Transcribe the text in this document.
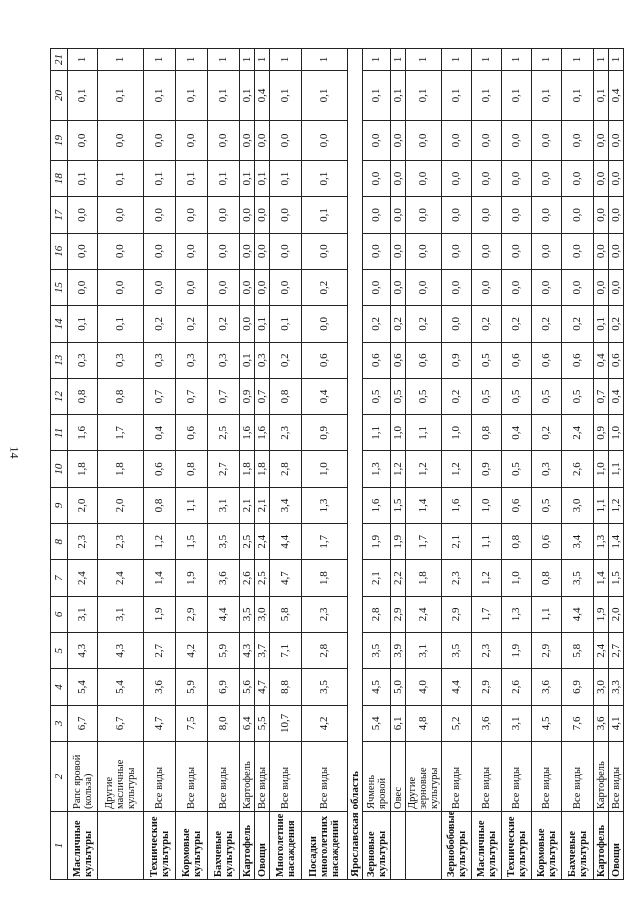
14
1	2	3	4	5	6	7	8	9	10	11	12	13	14	15	16	17	18	19	20	21
Масличные культуры	Рапс яровой (кольза)	6,7	5,4	4,3	3,1	2,4	2,3	2,0	1,8	1,6	0,8	0,3	0,1	0,0	0,0	0,0	0,1	0,0	0,1	1
	Другие масличные культуры	6,7	5,4	4,3	3,1	2,4	2,3	2,0	1,8	1,7	0,8	0,3	0,1	0,0	0,0	0,0	0,1	0,0	0,1	1
Технические культуры	Все виды	4,7	3,6	2,7	1,9	1,4	1,2	0,8	0,6	0,4	0,7	0,3	0,2	0,0	0,0	0,0	0,1	0,0	0,1	1
Кормовые культуры	Все виды	7,5	5,9	4,2	2,9	1,9	1,5	1,1	0,8	0,6	0,7	0,3	0,2	0,0	0,0	0,0	0,1	0,0	0,1	1
Бахчевые культуры	Все виды	8,0	6,9	5,9	4,4	3,6	3,5	3,1	2,7	2,5	0,7	0,3	0,2	0,0	0,0	0,0	0,1	0,0	0,1	1
Картофель	Картофель	6,4	5,6	4,3	3,5	2,6	2,5	2,1	1,8	1,6	0,9	0,1	0,0	0,0	0,0	0,0	0,1	0,0	0,1	1
Овощи	Все виды	5,5	4,7	3,7	3,0	2,5	2,4	2,1	1,8	1,6	0,7	0,3	0,1	0,0	0,0	0,0	0,1	0,0	0,4	1
Многолетние насаждения	Все виды	10,7	8,8	7,1	5,8	4,7	4,4	3,4	2,8	2,3	0,8	0,2	0,1	0,0	0,0	0,0	0,1	0,0	0,1	1
Посадки многолетних насаждений	Все виды	4,2	3,5	2,8	2,3	1,8	1,7	1,3	1,0	0,9	0,4	0,6	0,0	0,2	0,0	0,1	0,1	0,0	0,1	1
Ярославская область																				
Зерновые культуры	Ячмень яровой	5,4	4,5	3,5	2,8	2,1	1,9	1,6	1,3	1,1	0,5	0,6	0,2	0,0	0,0	0,0	0,0	0,0	0,1	1
	Овес	6,1	5,0	3,9	2,9	2,2	1,9	1,5	1,2	1,0	0,5	0,6	0,2	0,0	0,0	0,0	0,0	0,0	0,1	1
	Другие зерновые культуры	4,8	4,0	3,1	2,4	1,8	1,7	1,4	1,2	1,1	0,5	0,6	0,2	0,0	0,0	0,0	0,0	0,0	0,1	1
Зернобобовые культуры	Все виды	5,2	4,4	3,5	2,9	2,3	2,1	1,6	1,2	1,0	0,2	0,9	0,0	0,0	0,0	0,0	0,0	0,0	0,1	1
Масличные культуры	Все виды	3,6	2,9	2,3	1,7	1,2	1,1	1,0	0,9	0,8	0,5	0,5	0,2	0,0	0,0	0,0	0,0	0,0	0,1	1
Технические культуры	Все виды	3,1	2,6	1,9	1,3	1,0	0,8	0,6	0,5	0,4	0,5	0,6	0,2	0,0	0,0	0,0	0,0	0,0	0,1	1
Кормовые культуры	Все виды	4,5	3,6	2,9	1,1	0,8	0,6	0,5	0,3	0,2	0,5	0,6	0,2	0,0	0,0	0,0	0,0	0,0	0,1	1
Бахчевые культуры	Все виды	7,6	6,9	5,8	4,4	3,5	3,4	3,0	2,6	2,4	0,5	0,6	0,2	0,0	0,0	0,0	0,0	0,0	0,1	1
Картофель	Картофель	3,6	3,0	2,4	1,9	1,4	1,3	1,1	1,0	0,9	0,7	0,4	0,1	0,0	0,0	0,0	0,0	0,0	0,1	1
Овощи	Все виды	4,1	3,3	2,7	2,0	1,5	1,4	1,2	1,1	1,0	0,4	0,6	0,2	0,0	0,0	0,0	0,0	0,0	0,4	1
